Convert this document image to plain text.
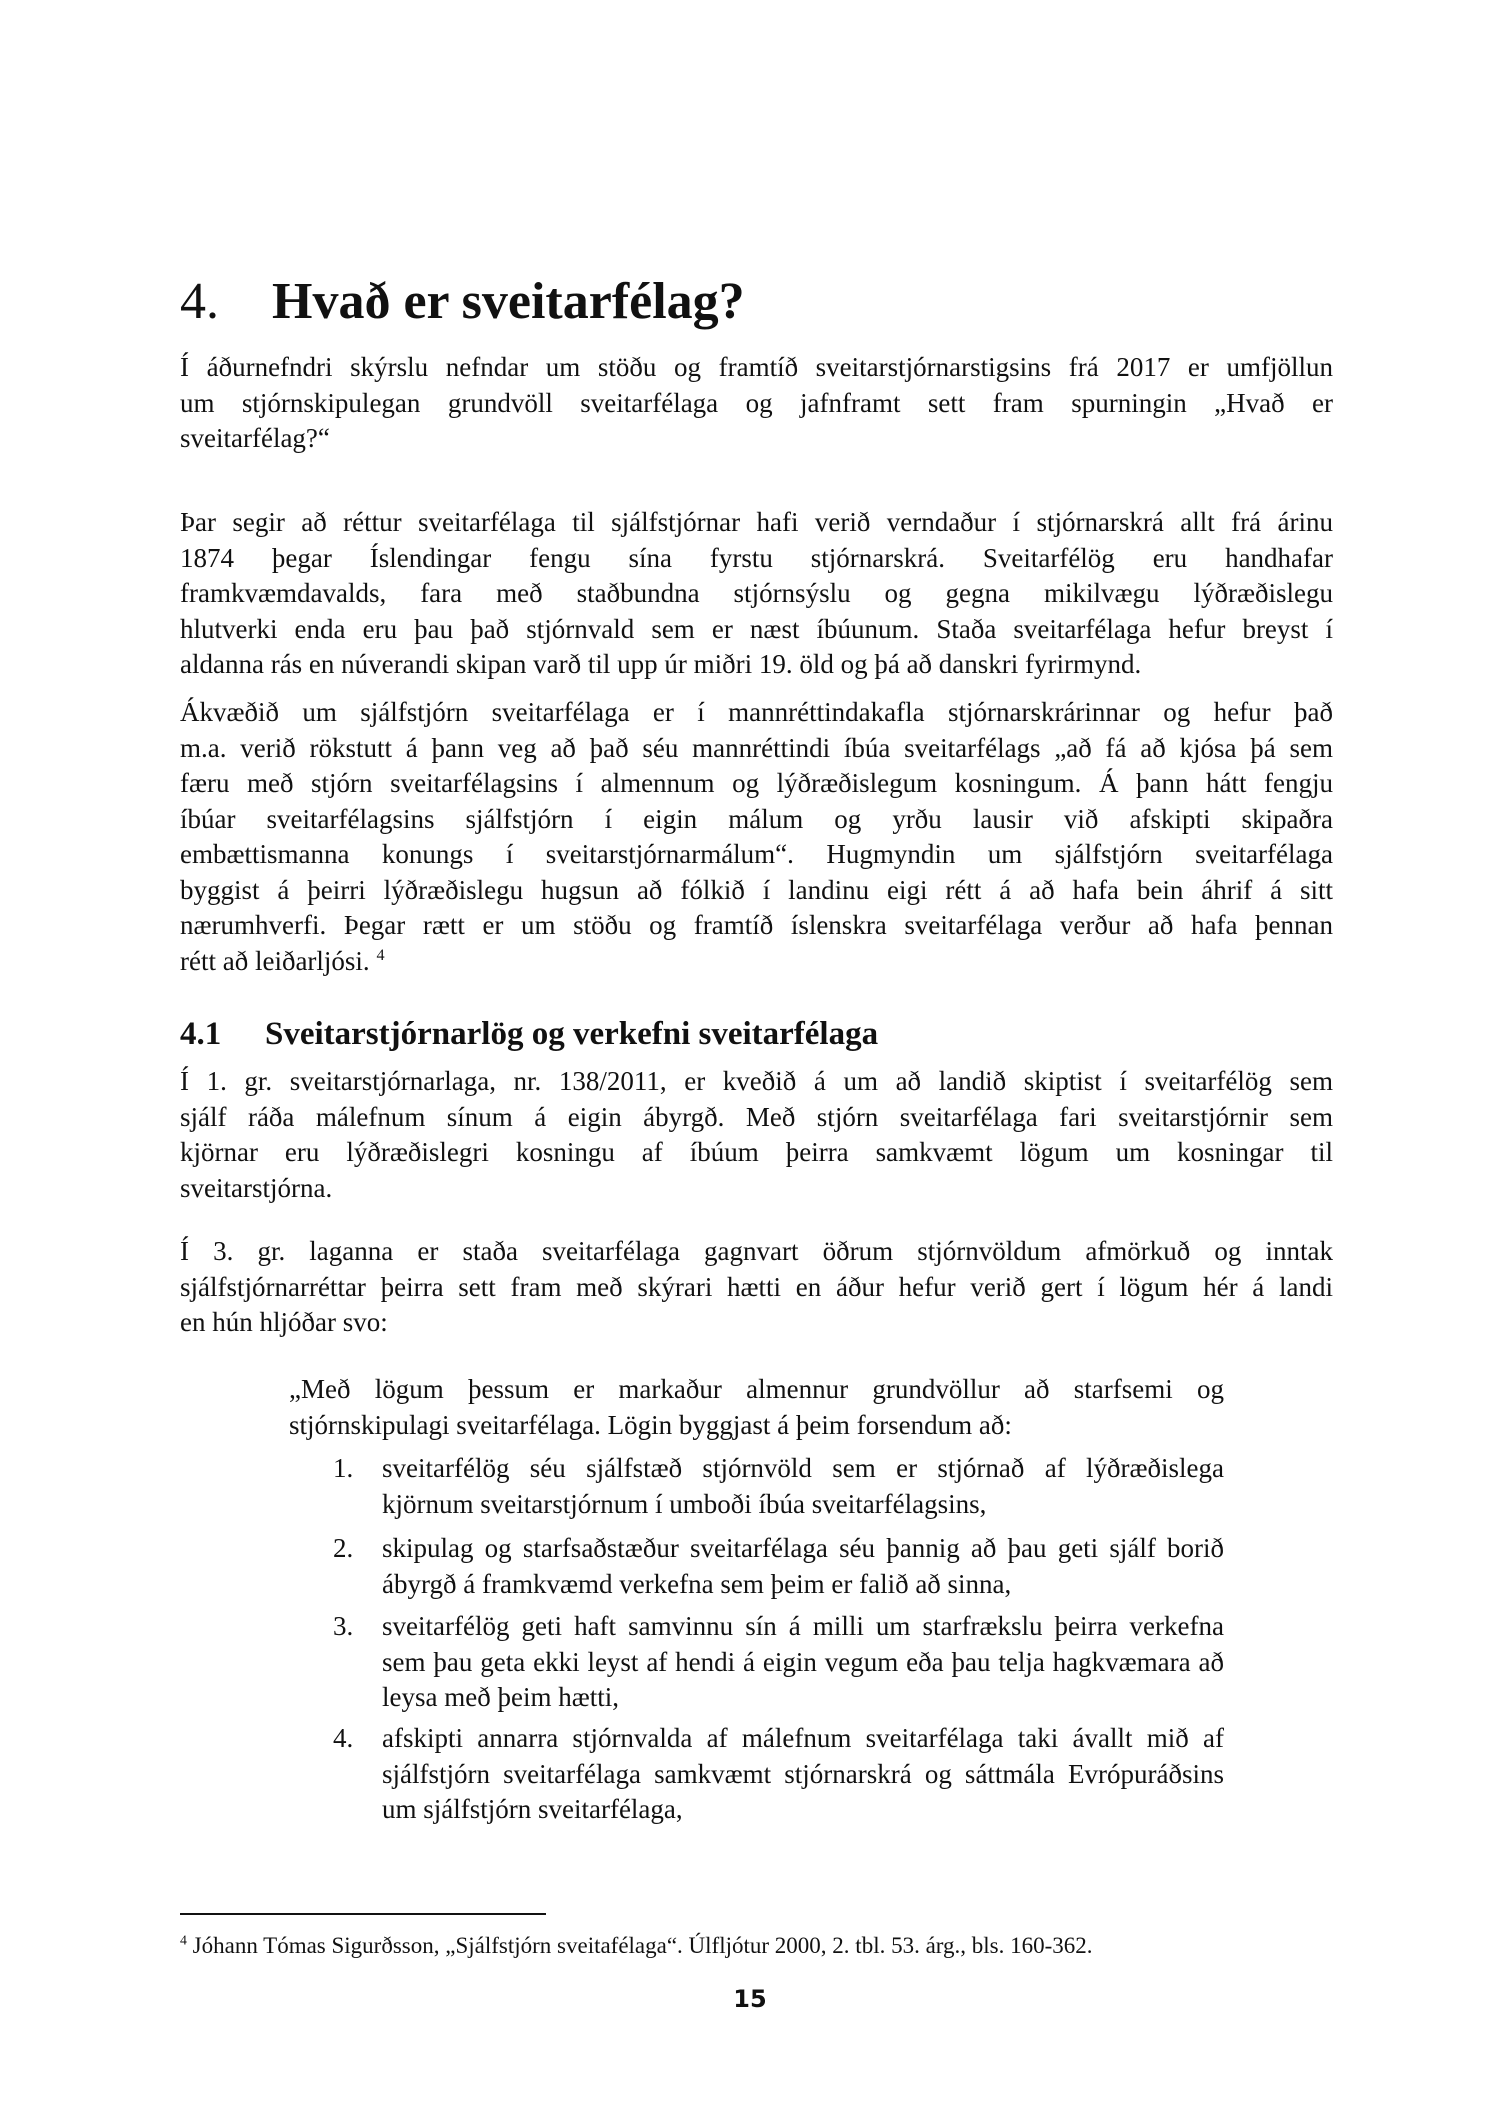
4. Hvað er sveitarfélag?
Í áðurnefndri skýrslu nefndar um stöðu og framtíð sveitarstjórnarstigsins frá 2017 er umfjöllun
um stjórnskipulegan grundvöll sveitarfélaga og jafnframt sett fram spurningin „Hvað er
sveitarfélag?“
Þar segir að réttur sveitarfélaga til sjálfstjórnar hafi verið verndaður í stjórnarskrá allt frá árinu
1874 þegar Íslendingar fengu sína fyrstu stjórnarskrá. Sveitarfélög eru handhafar
framkvæmdavalds, fara með staðbundna stjórnsýslu og gegna mikilvægu lýðræðislegu
hlutverki enda eru þau það stjórnvald sem er næst íbúunum. Staða sveitarfélaga hefur breyst í
aldanna rás en núverandi skipan varð til upp úr miðri 19. öld og þá að danskri fyrirmynd.
Ákvæðið um sjálfstjórn sveitarfélaga er í mannréttindakafla stjórnarskrárinnar og hefur það
m.a. verið rökstutt á þann veg að það séu mannréttindi íbúa sveitarfélags „að fá að kjósa þá sem
færu með stjórn sveitarfélagsins í almennum og lýðræðislegum kosningum. Á þann hátt fengju
íbúar sveitarfélagsins sjálfstjórn í eigin málum og yrðu lausir við afskipti skipaðra
embættismanna konungs í sveitarstjórnarmálum“. Hugmyndin um sjálfstjórn sveitarfélaga
byggist á þeirri lýðræðislegu hugsun að fólkið í landinu eigi rétt á að hafa bein áhrif á sitt
nærumhverfi. Þegar rætt er um stöðu og framtíð íslenskra sveitarfélaga verður að hafa þennan
rétt að leiðarljósi. $^4$
4.1 Sveitarstjórnarlög og verkefni sveitarfélaga
Í 1. gr. sveitarstjórnarlaga, nr. 138/2011, er kveðið á um að landið skiptist í sveitarfélög sem
sjálf ráða málefnum sínum á eigin ábyrgð. Með stjórn sveitarfélaga fari sveitarstjórnir sem
kjörnar eru lýðræðislegri kosningu af íbúum þeirra samkvæmt lögum um kosningar til
sveitarstjórna.
Í 3. gr. laganna er staða sveitarfélaga gagnvart öðrum stjórnvöldum afmörkuð og inntak
sjálfstjórnarréttar þeirra sett fram með skýrari hætti en áður hefur verið gert í lögum hér á landi
en hún hljóðar svo:
„Með lögum þessum er markaður almennur grundvöllur að starfsemi og
stjórnskipulagi sveitarfélaga. Lögin byggjast á þeim forsendum að:
1. sveitarfélög séu sjálfstæð stjórnvöld sem er stjórnað af lýðræðislega
kjörnum sveitarstjórnum í umboði íbúa sveitarfélagsins,
2. skipulag og starfsaðstæður sveitarfélaga séu þannig að þau geti sjálf borið
ábyrgð á framkvæmd verkefna sem þeim er falið að sinna,
3. sveitarfélög geti haft samvinnu sín á milli um starfrækslu þeirra verkefna
sem þau geta ekki leyst af hendi á eigin vegum eða þau telja hagkvæmara að
leysa með þeim hætti,
4. afskipti annarra stjórnvalda af málefnum sveitarfélaga taki ávallt mið af
sjálfstjórn sveitarfélaga samkvæmt stjórnarskrá og sáttmála Evrópuráðsins
um sjálfstjórn sveitarfélaga,
$^4$ Jóhann Tómas Sigurðsson, „Sjálfstjórn sveitafélaga“. Úlfljótur 2000, 2. tbl. 53. árg., bls. 160-362.
15
